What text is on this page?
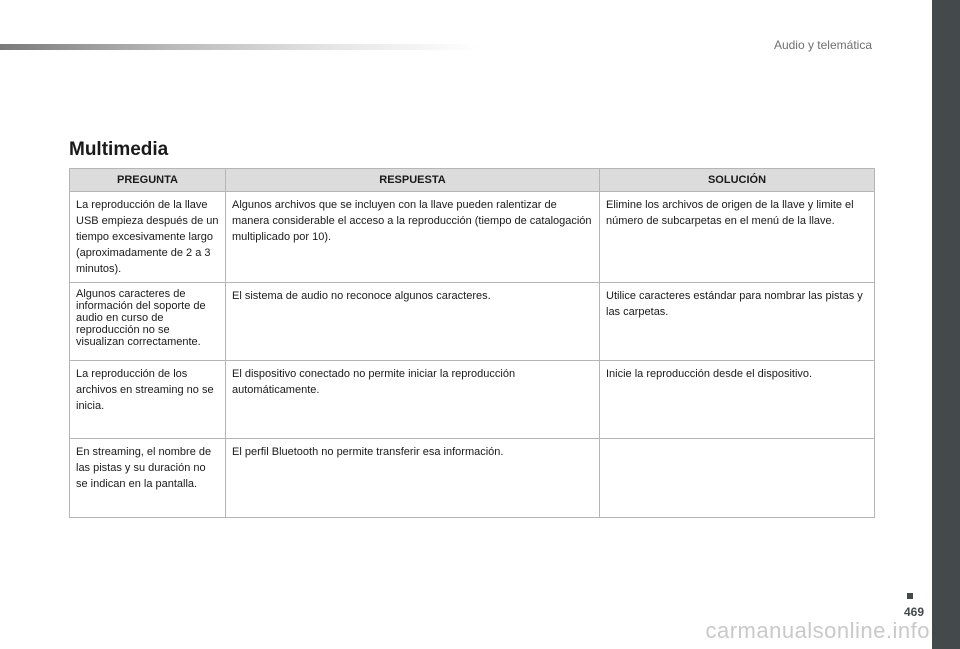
Audio y telemática
Multimedia
PREGUNTA	RESPUESTA	SOLUCIÓN
La reproducción de la llave USB empieza después de un tiempo excesivamente largo (aproximadamente de 2 a 3 minutos).	Algunos archivos que se incluyen con la llave pueden ralentizar de manera considerable el acceso a la reproducción (tiempo de catalogación multiplicado por 10).	Elimine los archivos de origen de la llave y limite el número de subcarpetas en el menú de la llave.
Algunos caracteres de información del soporte de audio en curso de reproducción no se visualizan correctamente.	El sistema de audio no reconoce algunos caracteres.	Utilice caracteres estándar para nombrar las pistas y las carpetas.
La reproducción de los archivos en streaming no se inicia.	El dispositivo conectado no permite iniciar la reproducción automáticamente.	Inicie la reproducción desde el dispositivo.
En streaming, el nombre de las pistas y su duración no se indican en la pantalla.	El perfil Bluetooth no permite transferir esa información.	
469
carmanualsonline.info
